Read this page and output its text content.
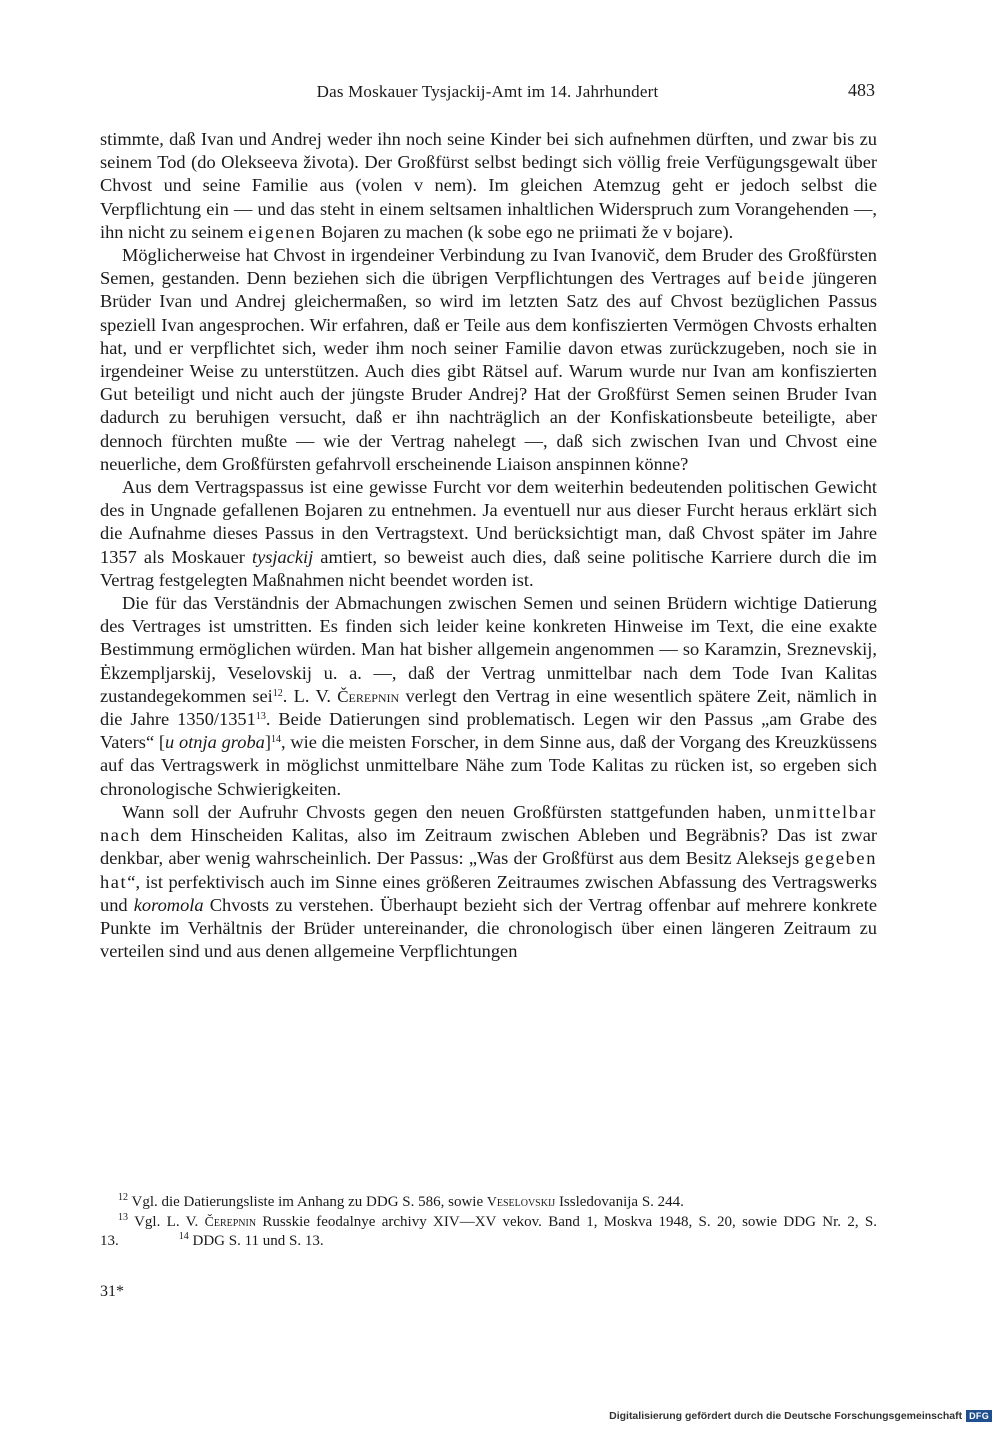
Das Moskauer Tysjackij-Amt im 14. Jahrhundert	483

stimmte, daß Ivan und Andrej weder ihn noch seine Kinder bei sich aufnehmen dürften, und zwar bis zu seinem Tod (do Olekseeva života). Der Großfürst selbst bedingt sich völlig freie Verfügungsgewalt über Chvost und seine Familie aus (volen v nem). Im gleichen Atemzug geht er jedoch selbst die Verpflichtung ein — und das steht in einem seltsamen inhaltlichen Widerspruch zum Vorangehenden —, ihn nicht zu seinem eigenen Bojaren zu machen (k sobe ego ne priimati že v bojare).

Möglicherweise hat Chvost in irgendeiner Verbindung zu Ivan Ivanovič, dem Bruder des Großfürsten Semen, gestanden. Denn beziehen sich die übrigen Verpflichtungen des Vertrages auf beide jüngeren Brüder Ivan und Andrej gleichermaßen, so wird im letzten Satz des auf Chvost bezüglichen Passus speziell Ivan angesprochen. Wir erfahren, daß er Teile aus dem konfiszierten Vermögen Chvosts erhalten hat, und er verpflichtet sich, weder ihm noch seiner Familie davon etwas zurückzugeben, noch sie in irgendeiner Weise zu unterstützen. Auch dies gibt Rätsel auf. Warum wurde nur Ivan am konfiszierten Gut beteiligt und nicht auch der jüngste Bruder Andrej? Hat der Großfürst Semen seinen Bruder Ivan dadurch zu beruhigen versucht, daß er ihn nachträglich an der Konfiskationsbeute beteiligte, aber dennoch fürchten mußte — wie der Vertrag nahelegt —, daß sich zwischen Ivan und Chvost eine neuerliche, dem Großfürsten gefahrvoll erscheinende Liaison anspinnen könne?

Aus dem Vertragspassus ist eine gewisse Furcht vor dem weiterhin bedeutenden politischen Gewicht des in Ungnade gefallenen Bojaren zu entnehmen. Ja eventuell nur aus dieser Furcht heraus erklärt sich die Aufnahme dieses Passus in den Vertragstext. Und berücksichtigt man, daß Chvost später im Jahre 1357 als Moskauer tysjackij amtiert, so beweist auch dies, daß seine politische Karriere durch die im Vertrag festgelegten Maßnahmen nicht beendet worden ist.

Die für das Verständnis der Abmachungen zwischen Semen und seinen Brüdern wichtige Datierung des Vertrages ist umstritten. Es finden sich leider keine konkreten Hinweise im Text, die eine exakte Bestimmung ermöglichen würden. Man hat bisher allgemein angenommen — so Karamzin, Sreznevskij, Ėkzempljarskij, Veselovskij u. a. —, daß der Vertrag unmittelbar nach dem Tode Ivan Kalitas zustandegekommen sei$^{12}$. L. V. Čerepnin verlegt den Vertrag in eine wesentlich spätere Zeit, nämlich in die Jahre 1350/1351$^{13}$. Beide Datierungen sind problematisch. Legen wir den Passus „am Grabe des Vaters“ [u otnja groba]$^{14}$, wie die meisten Forscher, in dem Sinne aus, daß der Vorgang des Kreuzküssens auf das Vertragswerk in möglichst unmittelbare Nähe zum Tode Kalitas zu rücken ist, so ergeben sich chronologische Schwierigkeiten.

Wann soll der Aufruhr Chvosts gegen den neuen Großfürsten stattgefunden haben, unmittelbar nach dem Hinscheiden Kalitas, also im Zeitraum zwischen Ableben und Begräbnis? Das ist zwar denkbar, aber wenig wahrscheinlich. Der Passus: „Was der Großfürst aus dem Besitz Aleksejs gegeben hat“, ist perfektivisch auch im Sinne eines größeren Zeitraumes zwischen Abfassung des Vertragswerks und koromola Chvosts zu verstehen. Überhaupt bezieht sich der Vertrag offenbar auf mehrere konkrete Punkte im Verhältnis der Brüder untereinander, die chronologisch über einen längeren Zeitraum zu verteilen sind und aus denen allgemeine Verpflichtungen

$^{12}$ Vgl. die Datierungsliste im Anhang zu DDG S. 586, sowie Veselovskij Issledovanija S. 244.

$^{13}$ Vgl. L. V. Čerepnin Russkie feodalnye archivy XIV—XV vekov. Band 1, Moskva 1948, S. 20, sowie DDG Nr. 2, S. 13.	$^{14}$ DDG S. 11 und S. 13.

31*
Digitalisierung gefördert durch die Deutsche Forschungsgemeinschaft DFG
